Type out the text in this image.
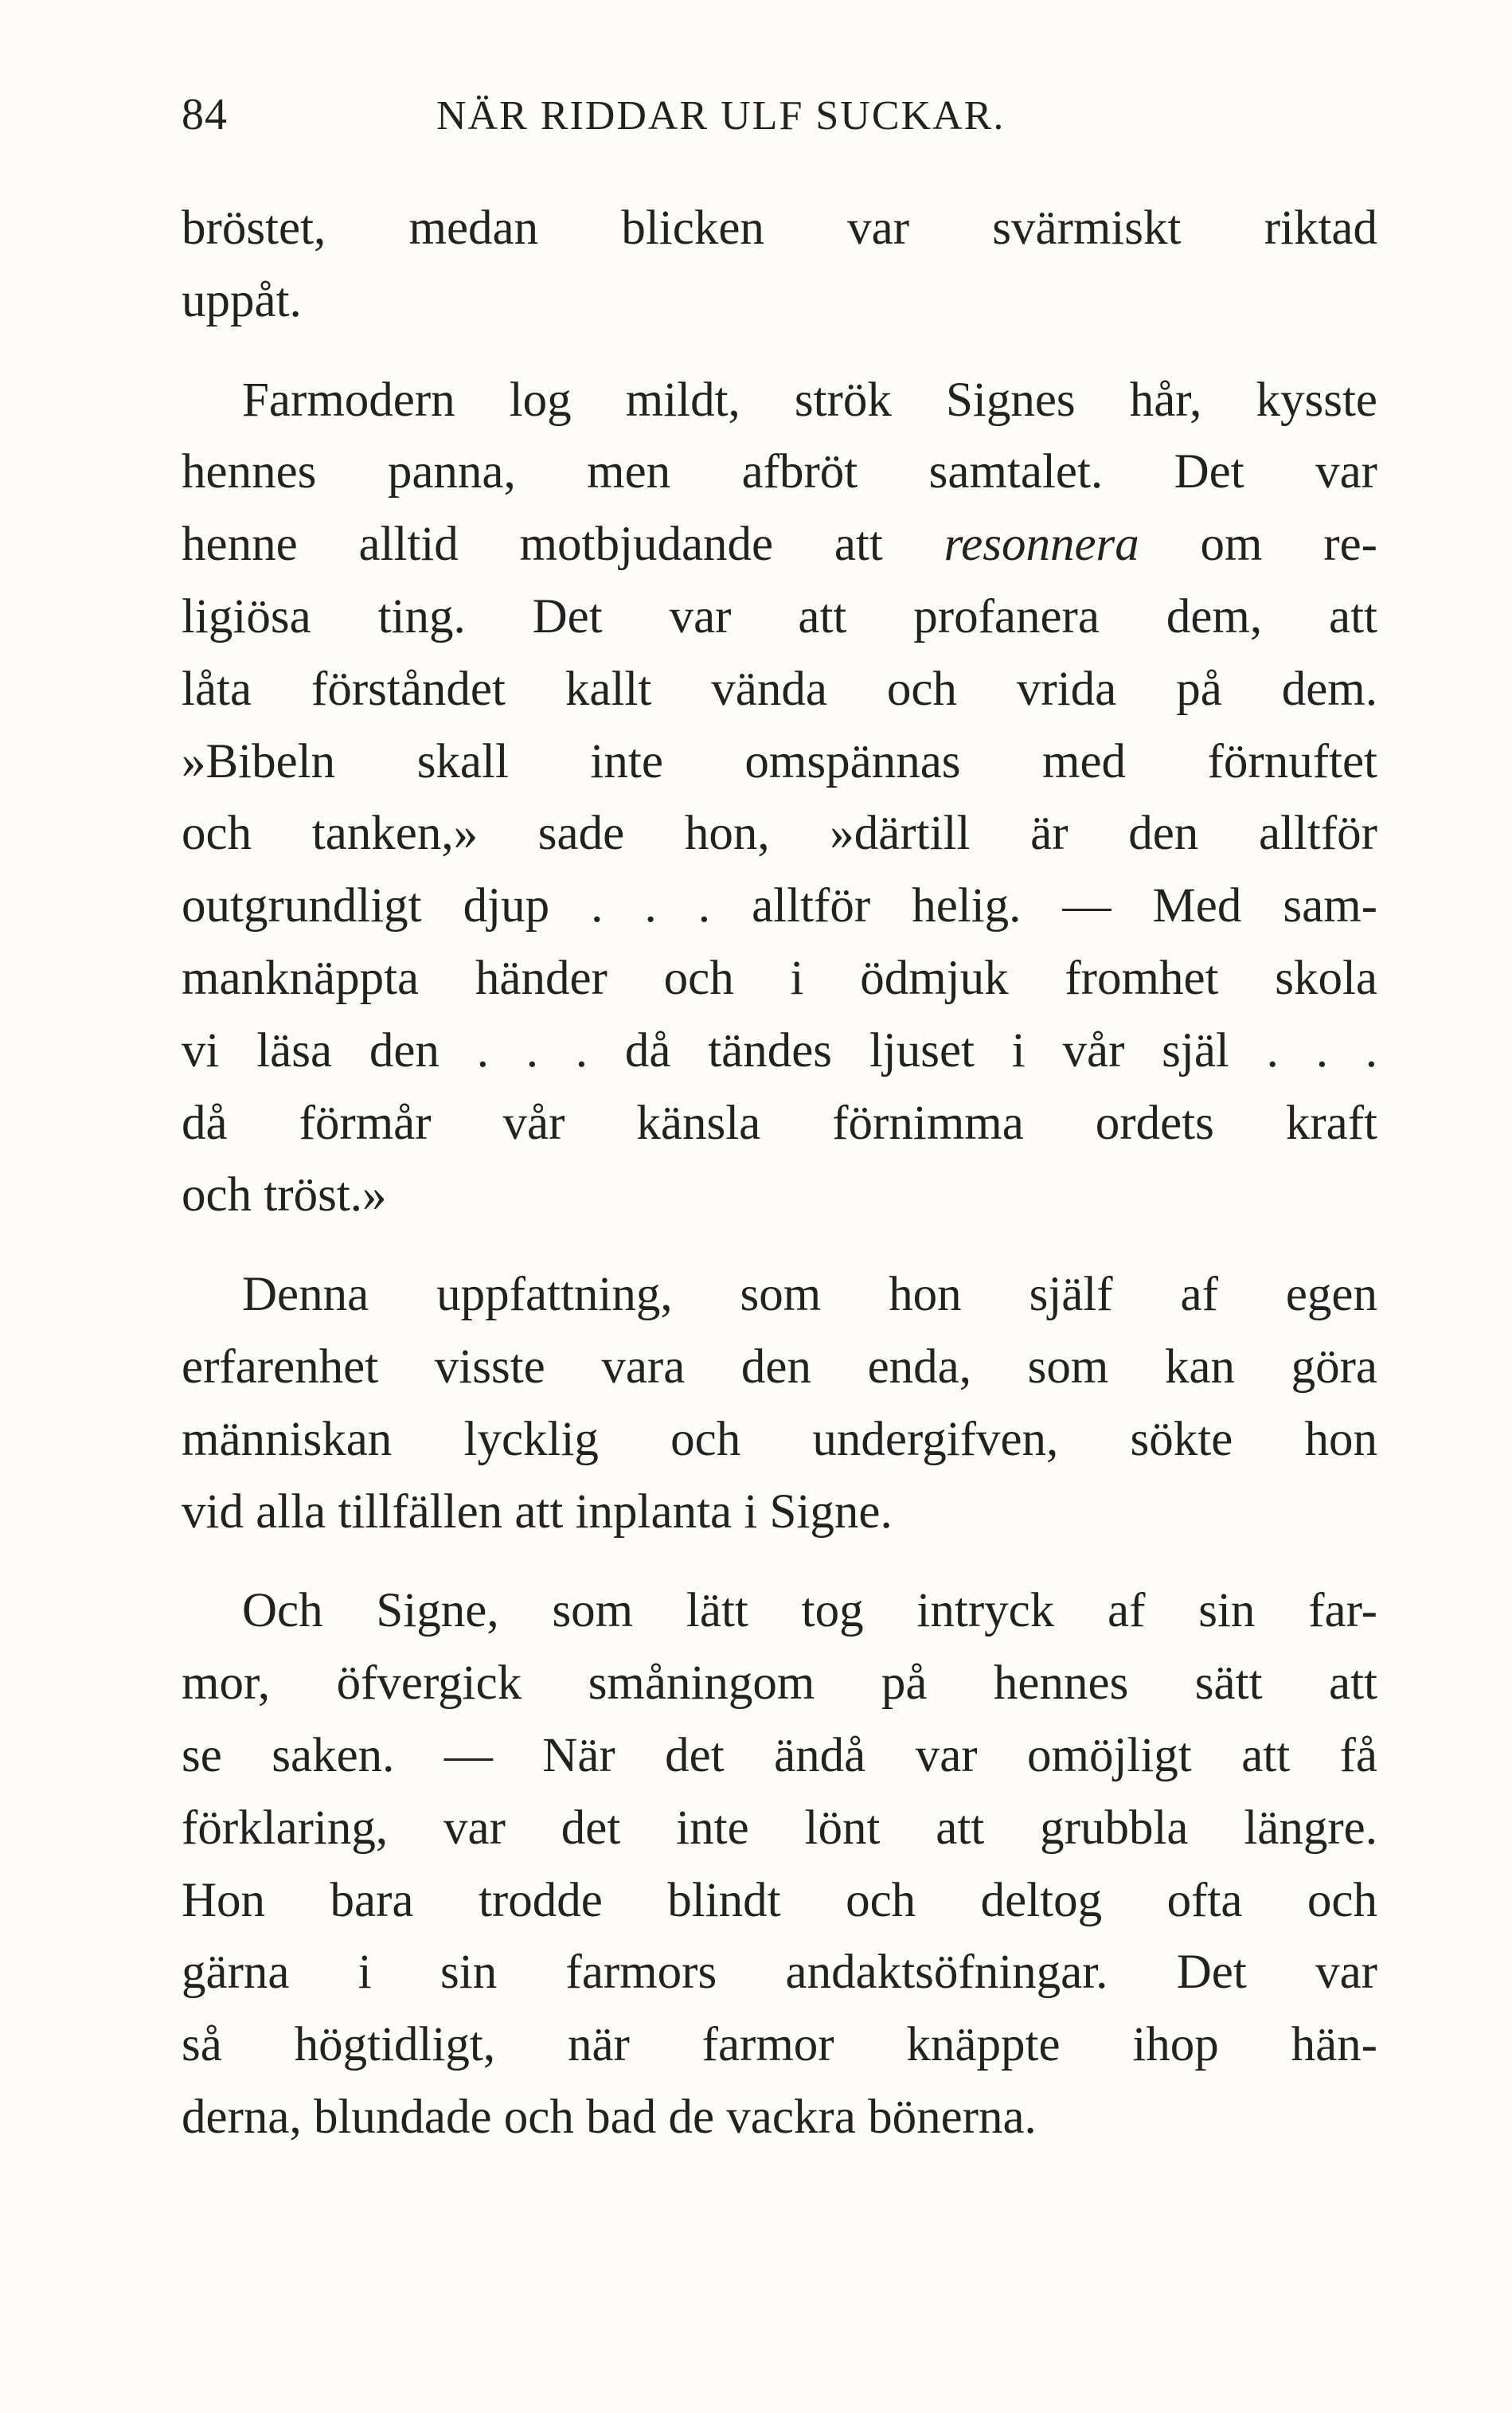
84	NÄR RIDDAR ULF SUCKAR.
bröstet, medan blicken var svärmiskt riktad
uppåt.
Farmodern log mildt, strök Signes hår, kysste
hennes panna, men afbröt samtalet. Det var
henne alltid motbjudande att resonnera om re-
ligiösa ting. Det var att profanera dem, att
låta förståndet kallt vända och vrida på dem.
»Bibeln skall inte omspännas med förnuftet
och tanken,» sade hon, »därtill är den alltför
outgrundligt djup . . . alltför helig. — Med sam-
manknäppta händer och i ödmjuk fromhet skola
vi läsa den . . . då tändes ljuset i vår själ . . .
då förmår vår känsla förnimma ordets kraft
och tröst.»
Denna uppfattning, som hon själf af egen
erfarenhet visste vara den enda, som kan göra
människan lycklig och undergifven, sökte hon
vid alla tillfällen att inplanta i Signe.
Och Signe, som lätt tog intryck af sin far-
mor, öfvergick småningom på hennes sätt att
se saken. — När det ändå var omöjligt att få
förklaring, var det inte lönt att grubbla längre.
Hon bara trodde blindt och deltog ofta och
gärna i sin farmors andaktsöfningar. Det var
så högtidligt, när farmor knäppte ihop hän-
derna, blundade och bad de vackra bönerna.
